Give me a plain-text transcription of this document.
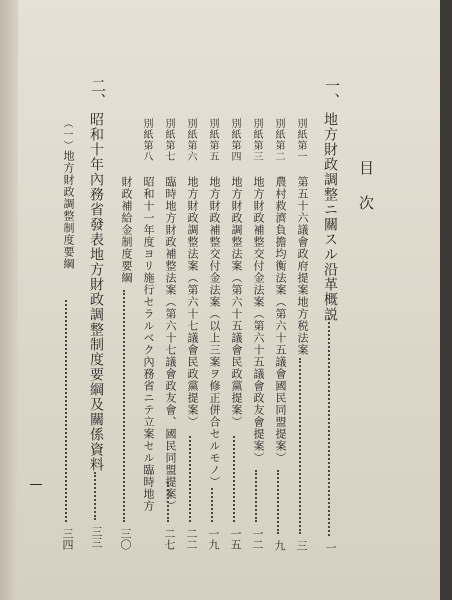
目次
一、
地方財政調整ニ關スル沿革概説
一
別紙第一
第五十六議會政府提案地方税法案
三
別紙第二
農村救濟負擔均衡法案（第六十五議會國民同盟提案）
九
別紙第三
地方財政補整交付金法案（第六十五議會政友會提案）
一二
別紙第四
地方財政調整法案（第六十五議會民政黨提案）
一五
別紙第五
地方財政補整交付金法案（以上三案ヲ修正併合セルモノ）
一九
別紙第六
地方財政調整法案（第六十七議會民政黨提案）
二二
別紙第七
臨時地方財政補整法案（第六十七議會政友會、國民同盟提案）
二七
別紙第八
昭和十一年度ヨリ施行セラルベク內務省ニテ立案セル臨時地方
財政補給金制度要綱
三〇
二、
昭和十年內務省發表地方財政調整制度要綱及關係資料
三三
（一）
地方財政調整制度要綱
三四
